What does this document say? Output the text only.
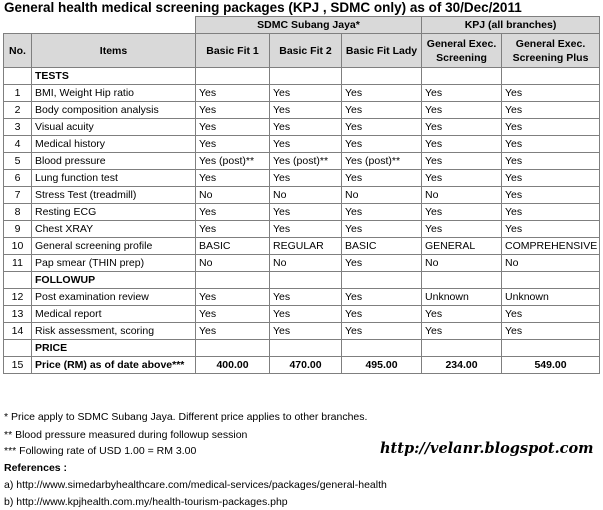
General health medical screening packages (KPJ , SDMC only) as of 30/Dec/2011
		SDMC Subang Jaya*			KPJ (all branches)	
No.	Items	Basic Fit 1	Basic Fit 2	Basic Fit Lady	General Exec. Screening	General Exec. Screening Plus
	TESTS					
1	BMI, Weight Hip ratio	Yes	Yes	Yes	Yes	Yes
2	Body composition analysis	Yes	Yes	Yes	Yes	Yes
3	Visual acuity	Yes	Yes	Yes	Yes	Yes
4	Medical history	Yes	Yes	Yes	Yes	Yes
5	Blood pressure	Yes (post)**	Yes (post)**	Yes (post)**	Yes	Yes
6	Lung function test	Yes	Yes	Yes	Yes	Yes
7	Stress Test (treadmill)	No	No	No	No	Yes
8	Resting ECG	Yes	Yes	Yes	Yes	Yes
9	Chest XRAY	Yes	Yes	Yes	Yes	Yes
10	General screening profile	BASIC	REGULAR	BASIC	GENERAL	COMPREHENSIVE
11	Pap smear (THIN prep)	No	No	Yes	No	No
	FOLLOWUP					
12	Post examination review	Yes	Yes	Yes	Unknown	Unknown
13	Medical report	Yes	Yes	Yes	Yes	Yes
14	Risk assessment, scoring	Yes	Yes	Yes	Yes	Yes
	PRICE					
15	Price (RM) as of date above***	400.00	470.00	495.00	234.00	549.00
* Price apply to SDMC Subang Jaya. Different price applies to other branches.
** Blood pressure measured during followup session
*** Following rate of USD 1.00 = RM 3.00
References :
a) http://www.simedarbyhealthcare.com/medical-services/packages/general-health
b) http://www.kpjhealth.com.my/health-tourism-packages.php
http://velanr.blogspot.com
